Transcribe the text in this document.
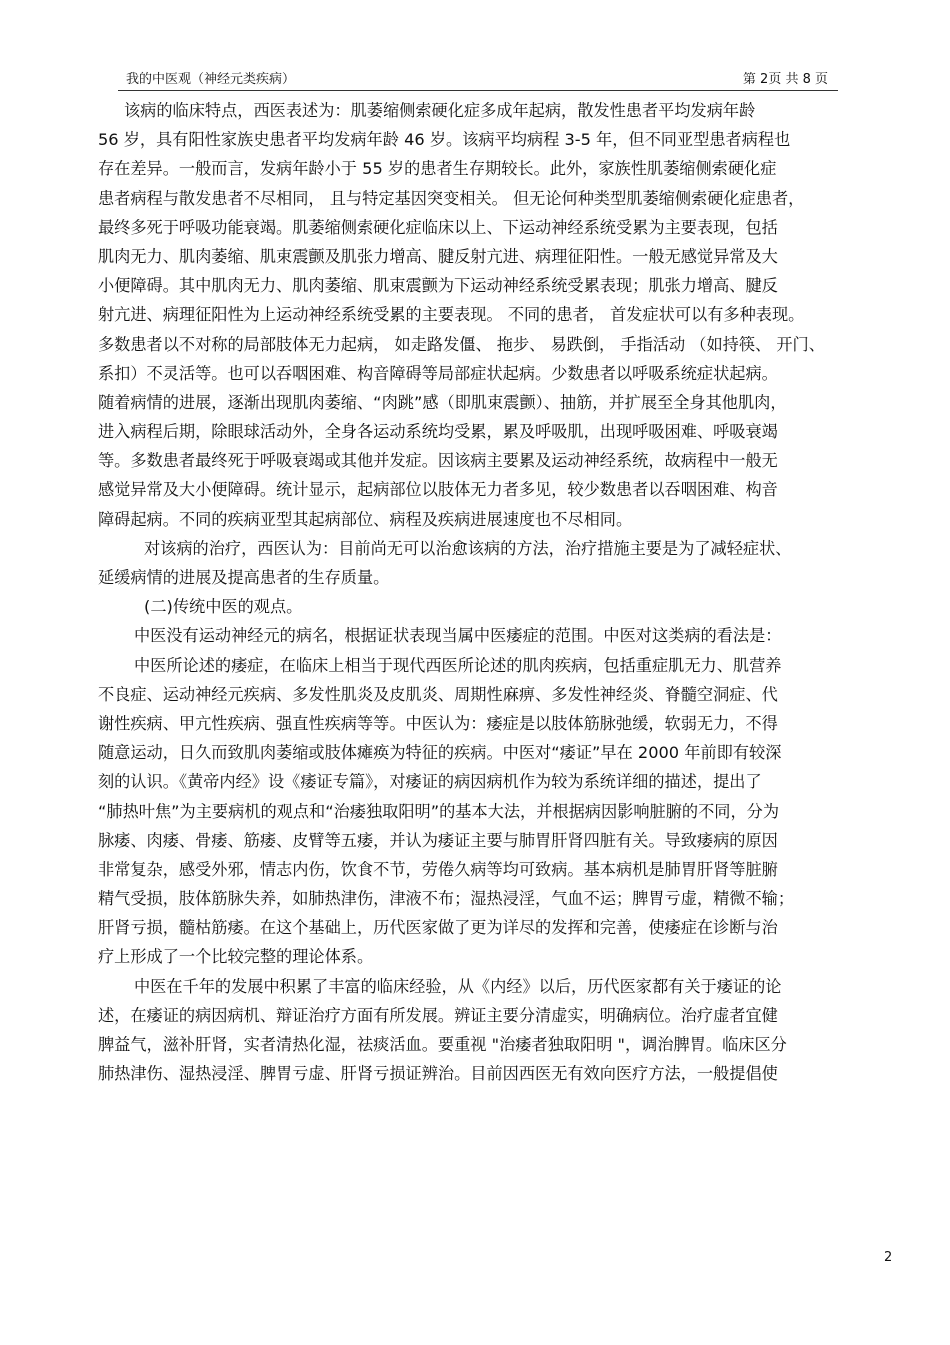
我的中医观（神经元类疾病）	第 2页 共 8 页
该病的临床特点，西医表述为：肌萎缩侧索硬化症多成年起病，散发性患者平均发病年龄
56 岁，具有阳性家族史患者平均发病年龄 46 岁。该病平均病程 3-5 年，但不同亚型患者病程也
存在差异。一般而言，发病年龄小于 55 岁的患者生存期较长。此外，家族性肌萎缩侧索硬化症
患者病程与散发患者不尽相同， 且与特定基因突变相关。 但无论何种类型肌萎缩侧索硬化症患者，
最终多死于呼吸功能衰竭。肌萎缩侧索硬化症临床以上、下运动神经系统受累为主要表现，包括
肌肉无力、肌肉萎缩、肌束震颤及肌张力增高、腱反射亢进、病理征阳性。一般无感觉异常及大
小便障碍。其中肌肉无力、肌肉萎缩、肌束震颤为下运动神经系统受累表现；肌张力增高、腱反
射亢进、病理征阳性为上运动神经系统受累的主要表现。 不同的患者， 首发症状可以有多种表现。
多数患者以不对称的局部肢体无力起病， 如走路发僵、 拖步、 易跌倒， 手指活动 （如持筷、 开门、
系扣）不灵活等。也可以吞咽困难、构音障碍等局部症状起病。少数患者以呼吸系统症状起病。
随着病情的进展，逐渐出现肌肉萎缩、“肉跳”感（即肌束震颤）、抽筋，并扩展至全身其他肌肉，
进入病程后期，除眼球活动外，全身各运动系统均受累，累及呼吸肌，出现呼吸困难、呼吸衰竭
等。多数患者最终死于呼吸衰竭或其他并发症。因该病主要累及运动神经系统，故病程中一般无
感觉异常及大小便障碍。统计显示，起病部位以肢体无力者多见，较少数患者以吞咽困难、构音
障碍起病。不同的疾病亚型其起病部位、病程及疾病进展速度也不尽相同。
对该病的治疗，西医认为：目前尚无可以治愈该病的方法，治疗措施主要是为了减轻症状、
延缓病情的进展及提高患者的生存质量。
(二)传统中医的观点。
中医没有运动神经元的病名，根据证状表现当属中医痿症的范围。中医对这类病的看法是：
中医所论述的痿症，在临床上相当于现代西医所论述的肌肉疾病，包括重症肌无力、肌营养
不良症、运动神经元疾病、多发性肌炎及皮肌炎、周期性麻痹、多发性神经炎、脊髓空洞症、代
谢性疾病、甲亢性疾病、强直性疾病等等。中医认为：痿症是以肢体筋脉弛缓，软弱无力，不得
随意运动，日久而致肌肉萎缩或肢体瘫痪为特征的疾病。中医对“痿证”早在 2000 年前即有较深
刻的认识。《黄帝内经》设《痿证专篇》，对痿证的病因病机作为较为系统详细的描述，提出了
“肺热叶焦”为主要病机的观点和“治痿独取阳明”的基本大法，并根据病因影响脏腑的不同，分为
脉痿、肉痿、骨痿、筋痿、皮臂等五痿，并认为痿证主要与肺胃肝肾四脏有关。导致痿病的原因
非常复杂，感受外邪，情志内伤，饮食不节，劳倦久病等均可致病。基本病机是肺胃肝肾等脏腑
精气受损，肢体筋脉失养，如肺热津伤，津液不布；湿热浸淫，气血不运；脾胃亏虚，精微不输；
肝肾亏损，髓枯筋痿。在这个基础上，历代医家做了更为详尽的发挥和完善，使痿症在诊断与治
疗上形成了一个比较完整的理论体系。
中医在千年的发展中积累了丰富的临床经验，从《内经》以后，历代医家都有关于痿证的论
述，在痿证的病因病机、辩证治疗方面有所发展。辨证主要分清虚实，明确病位。治疗虚者宜健
脾益气，滋补肝肾，实者清热化湿，祛痰活血。要重视 "治痿者独取阳明 "，调治脾胃。临床区分
肺热津伤、湿热浸淫、脾胃亏虚、肝肾亏损证辨治。目前因西医无有效向医疗方法，一般提倡使
2
